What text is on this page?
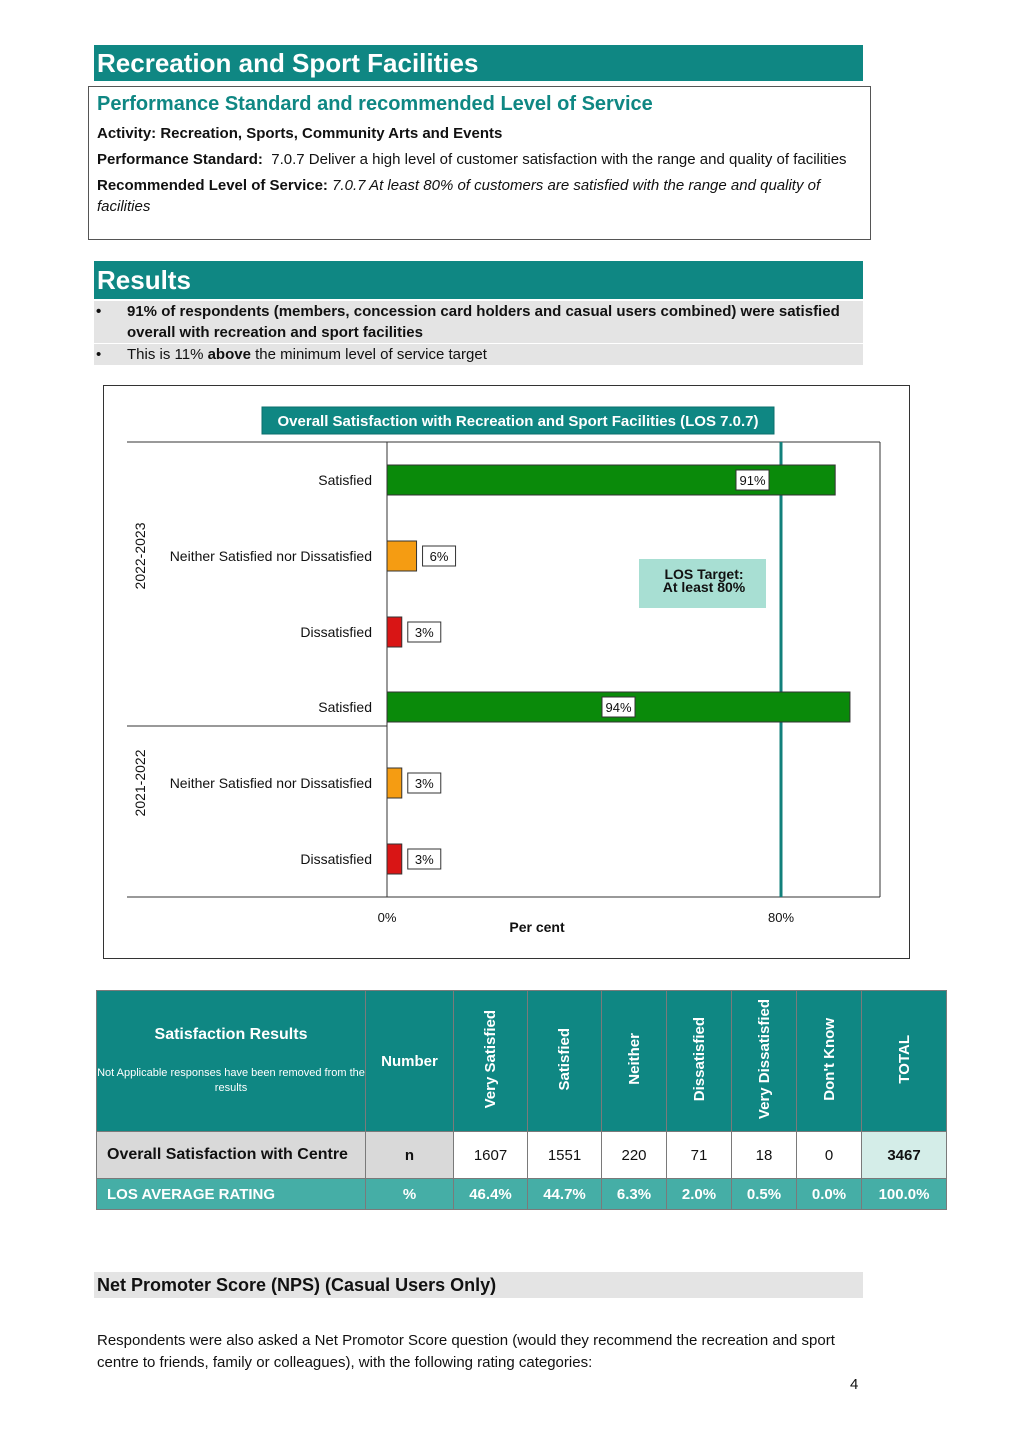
Recreation and Sport Facilities
Performance Standard and recommended Level of Service

Activity: Recreation, Sports, Community Arts and Events

Performance Standard: 7.0.7 Deliver a high level of customer satisfaction with the range and quality of facilities

Recommended Level of Service: 7.0.7 At least 80% of customers are satisfied with the range and quality of facilities

Results
• 91% of respondents (members, concession card holders and casual users combined) were satisfied overall with recreation and sport facilities
• This is 11% above the minimum level of service target
Overall Satisfaction with Recreation and Sport Facilities (LOS 7.0.7)
LOS Target:
At least 80%
2022-2023
Satisfied	91%
Neither Satisfied nor Dissatisfied	6%
Dissatisfied	3%
2021-2022
Satisfied	94%
Neither Satisfied nor Dissatisfied	3%
Dissatisfied	3%
0%	80%
Per cent
Satisfaction Results
Not Applicable responses have been removed from the results	Number	Very Satisfied	Satisfied	Neither	Dissatisfied	Very Dissatisfied	Don't Know	TOTAL
Overall Satisfaction with Centre	n	1607	1551	220	71	18	0	3467
LOS AVERAGE RATING	%	46.4%	44.7%	6.3%	2.0%	0.5%	0.0%	100.0%
Net Promoter Score (NPS) (Casual Users Only)

Respondents were also asked a Net Promotor Score question (would they recommend the recreation and sport centre to friends, family or colleagues), with the following rating categories:

4
